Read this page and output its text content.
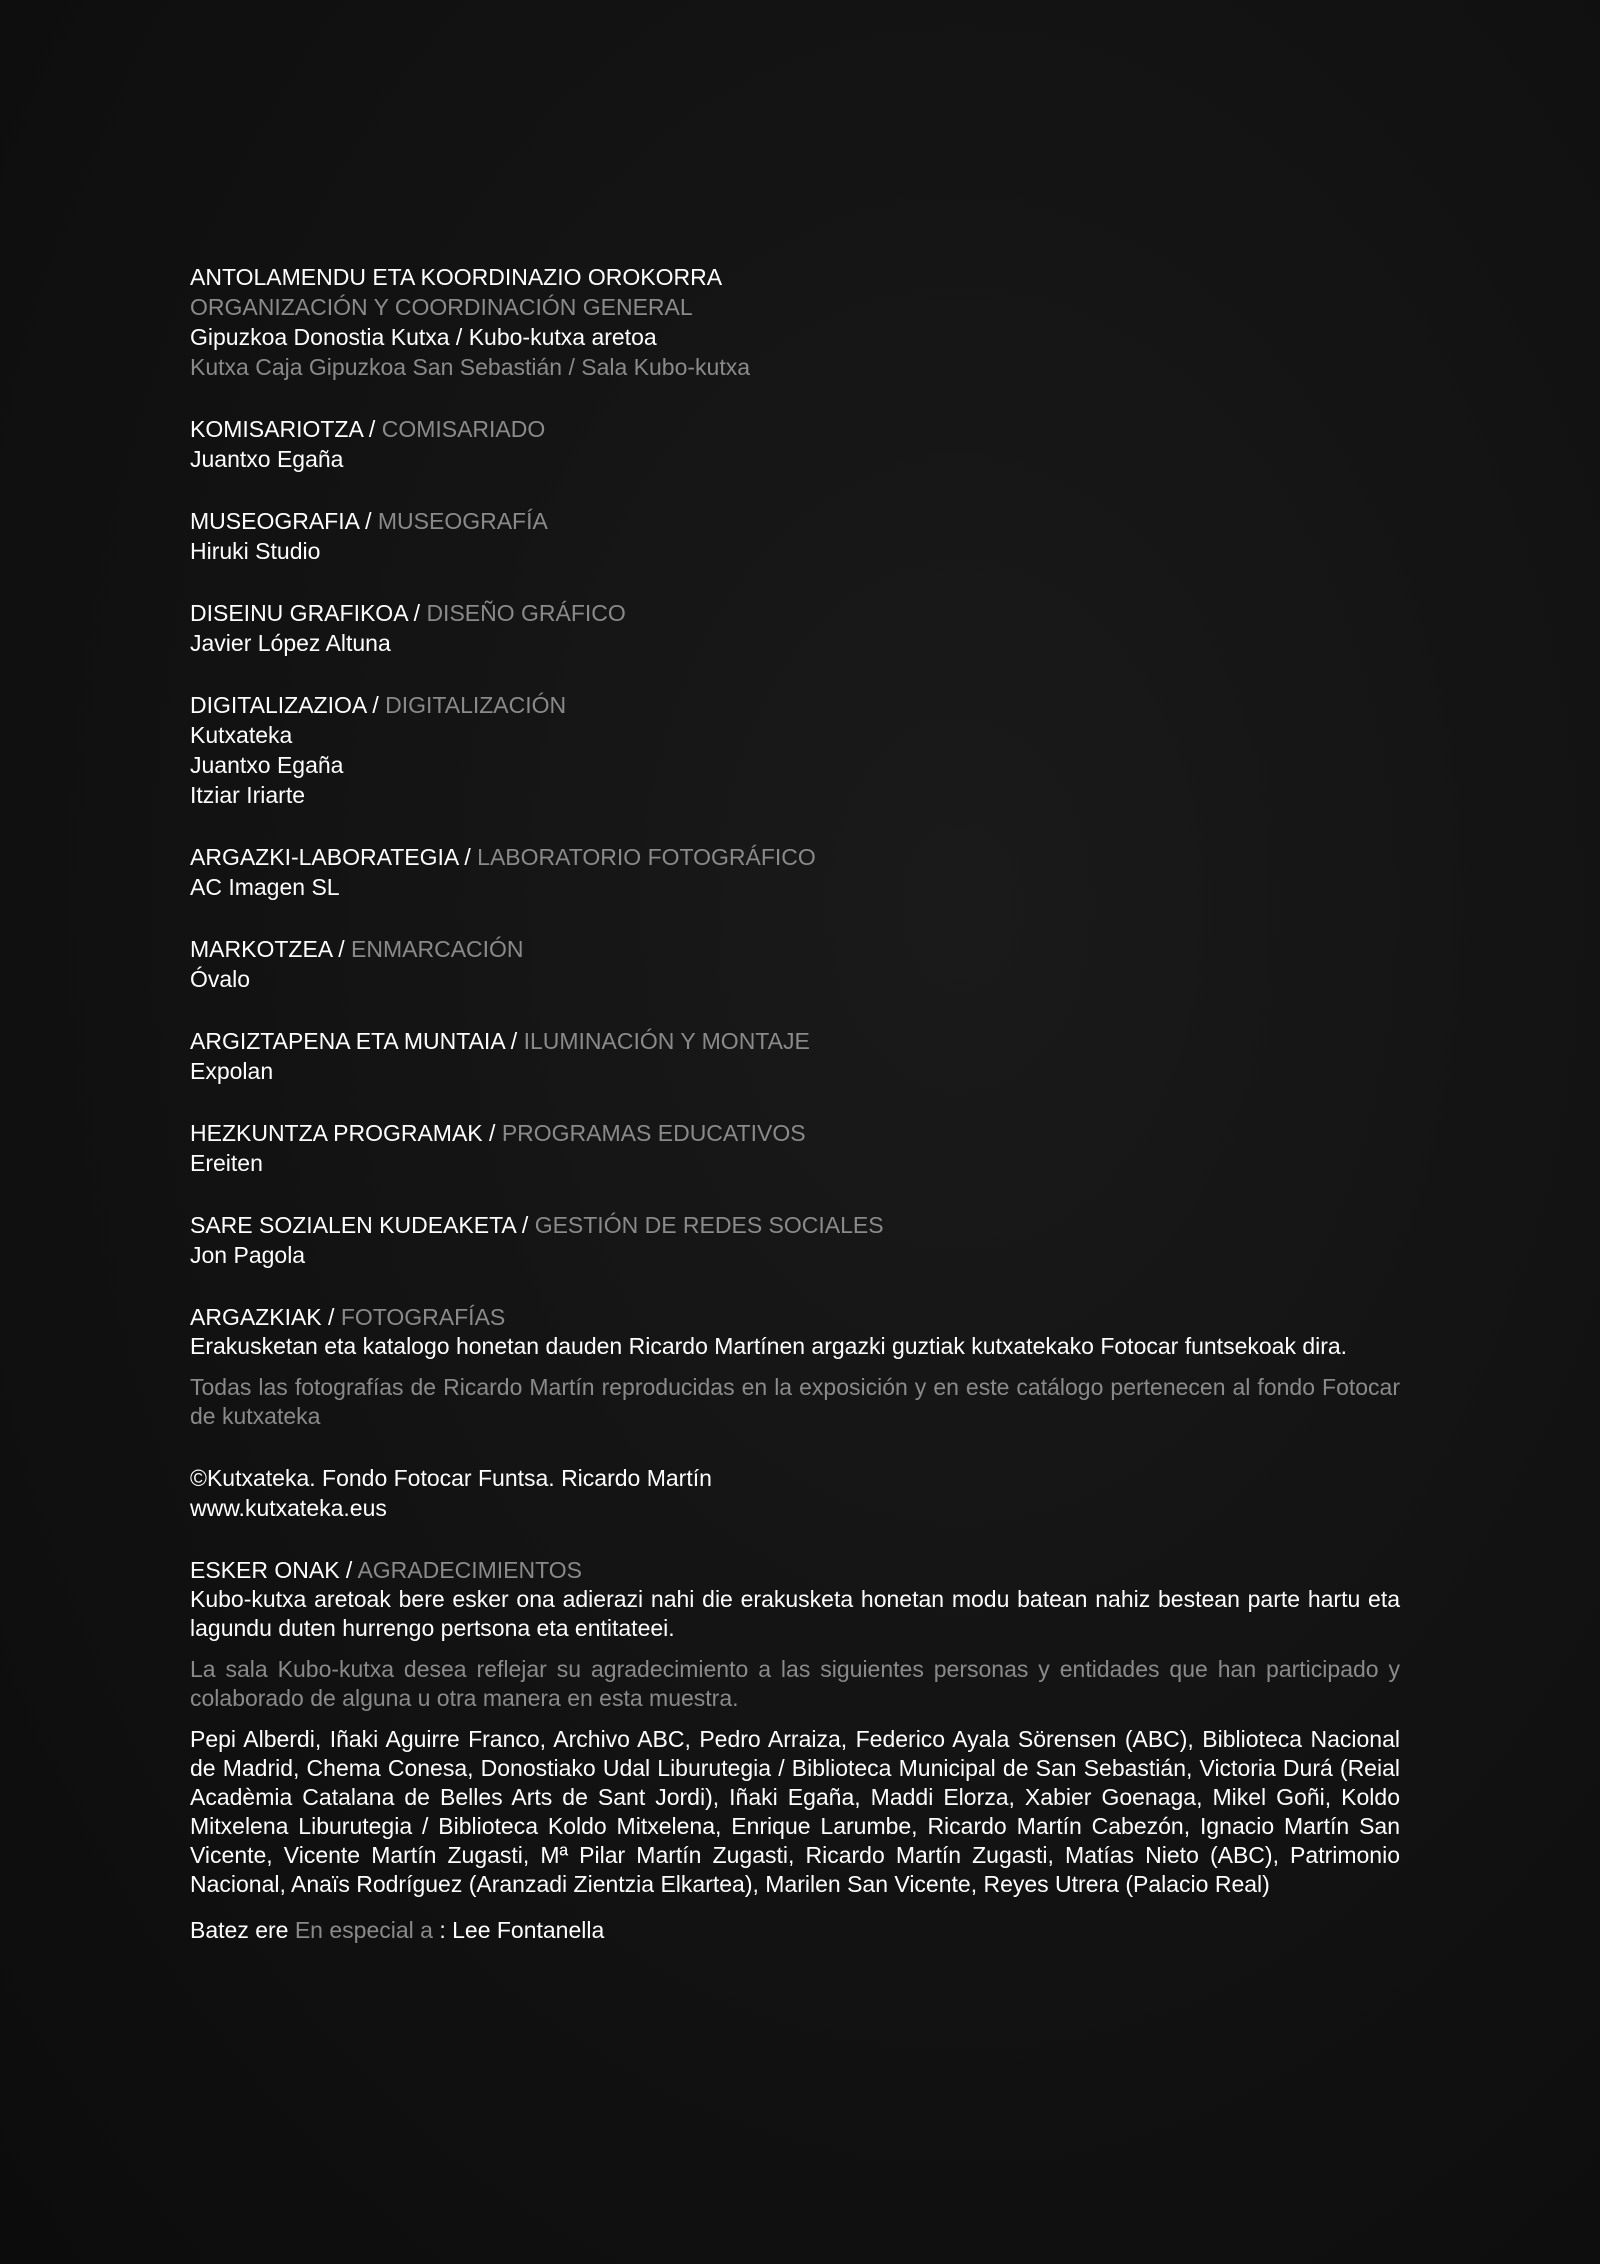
ANTOLAMENDU ETA KOORDINAZIO OROKORRA
ORGANIZACIÓN Y COORDINACIÓN GENERAL
Gipuzkoa Donostia Kutxa / Kubo-kutxa aretoa
Kutxa Caja Gipuzkoa San Sebastián / Sala Kubo-kutxa
KOMISARIOTZA / COMISARIADO
Juantxo Egaña
MUSEOGRAFIA / MUSEOGRAFÍA
Hiruki Studio
DISEINU GRAFIKOA / DISEÑO GRÁFICO
Javier López Altuna
DIGITALIZAZIOA / DIGITALIZACIÓN
Kutxateka
Juantxo Egaña
Itziar Iriarte
ARGAZKI-LABORATEGIA / LABORATORIO FOTOGRÁFICO
AC Imagen SL
MARKOTZEA / ENMARCACIÓN
Óvalo
ARGIZTAPENA ETA MUNTAIA / ILUMINACIÓN Y MONTAJE
Expolan
HEZKUNTZA PROGRAMAK / PROGRAMAS EDUCATIVOS
Ereiten
SARE SOZIALEN KUDEAKETA / GESTIÓN DE REDES SOCIALES
Jon Pagola
ARGAZKIAK / FOTOGRAFÍAS
Erakusketan eta katalogo honetan dauden Ricardo Martínen argazki guztiak kutxatekako Fotocar funtsekoak dira.
Todas las fotografías de Ricardo Martín reproducidas en la exposición y en este catálogo pertenecen al fondo Fotocar de kutxateka
©Kutxateka. Fondo Fotocar Funtsa. Ricardo Martín
www.kutxateka.eus
ESKER ONAK / AGRADECIMIENTOS
Kubo-kutxa aretoak bere esker ona adierazi nahi die erakusketa honetan modu batean nahiz bestean parte hartu eta lagundu duten hurrengo pertsona eta entitateei.
La sala Kubo-kutxa desea reflejar su agradecimiento a las siguientes personas y entidades que han participado y colaborado de alguna u otra manera en esta muestra.
Pepi Alberdi, Iñaki Aguirre Franco, Archivo ABC, Pedro Arraiza, Federico Ayala Sörensen (ABC), Biblioteca Nacional de Madrid, Chema Conesa, Donostiako Udal Liburutegia / Biblioteca Municipal de San Sebastián, Victoria Durá (Reial Acadèmia Catalana de Belles Arts de Sant Jordi), Iñaki Egaña, Maddi Elorza, Xabier Goenaga, Mikel Goñi, Koldo Mitxelena Liburutegia / Biblioteca Koldo Mitxelena, Enrique Larumbe, Ricardo Martín Cabezón, Ignacio Martín San Vicente, Vicente Martín Zugasti, Mª Pilar Martín Zugasti, Ricardo Martín Zugasti, Matías Nieto (ABC), Patrimonio Nacional, Anaïs Rodríguez (Aranzadi Zientzia Elkartea), Marilen San Vicente, Reyes Utrera (Palacio Real)
Batez ere En especial a : Lee Fontanella
